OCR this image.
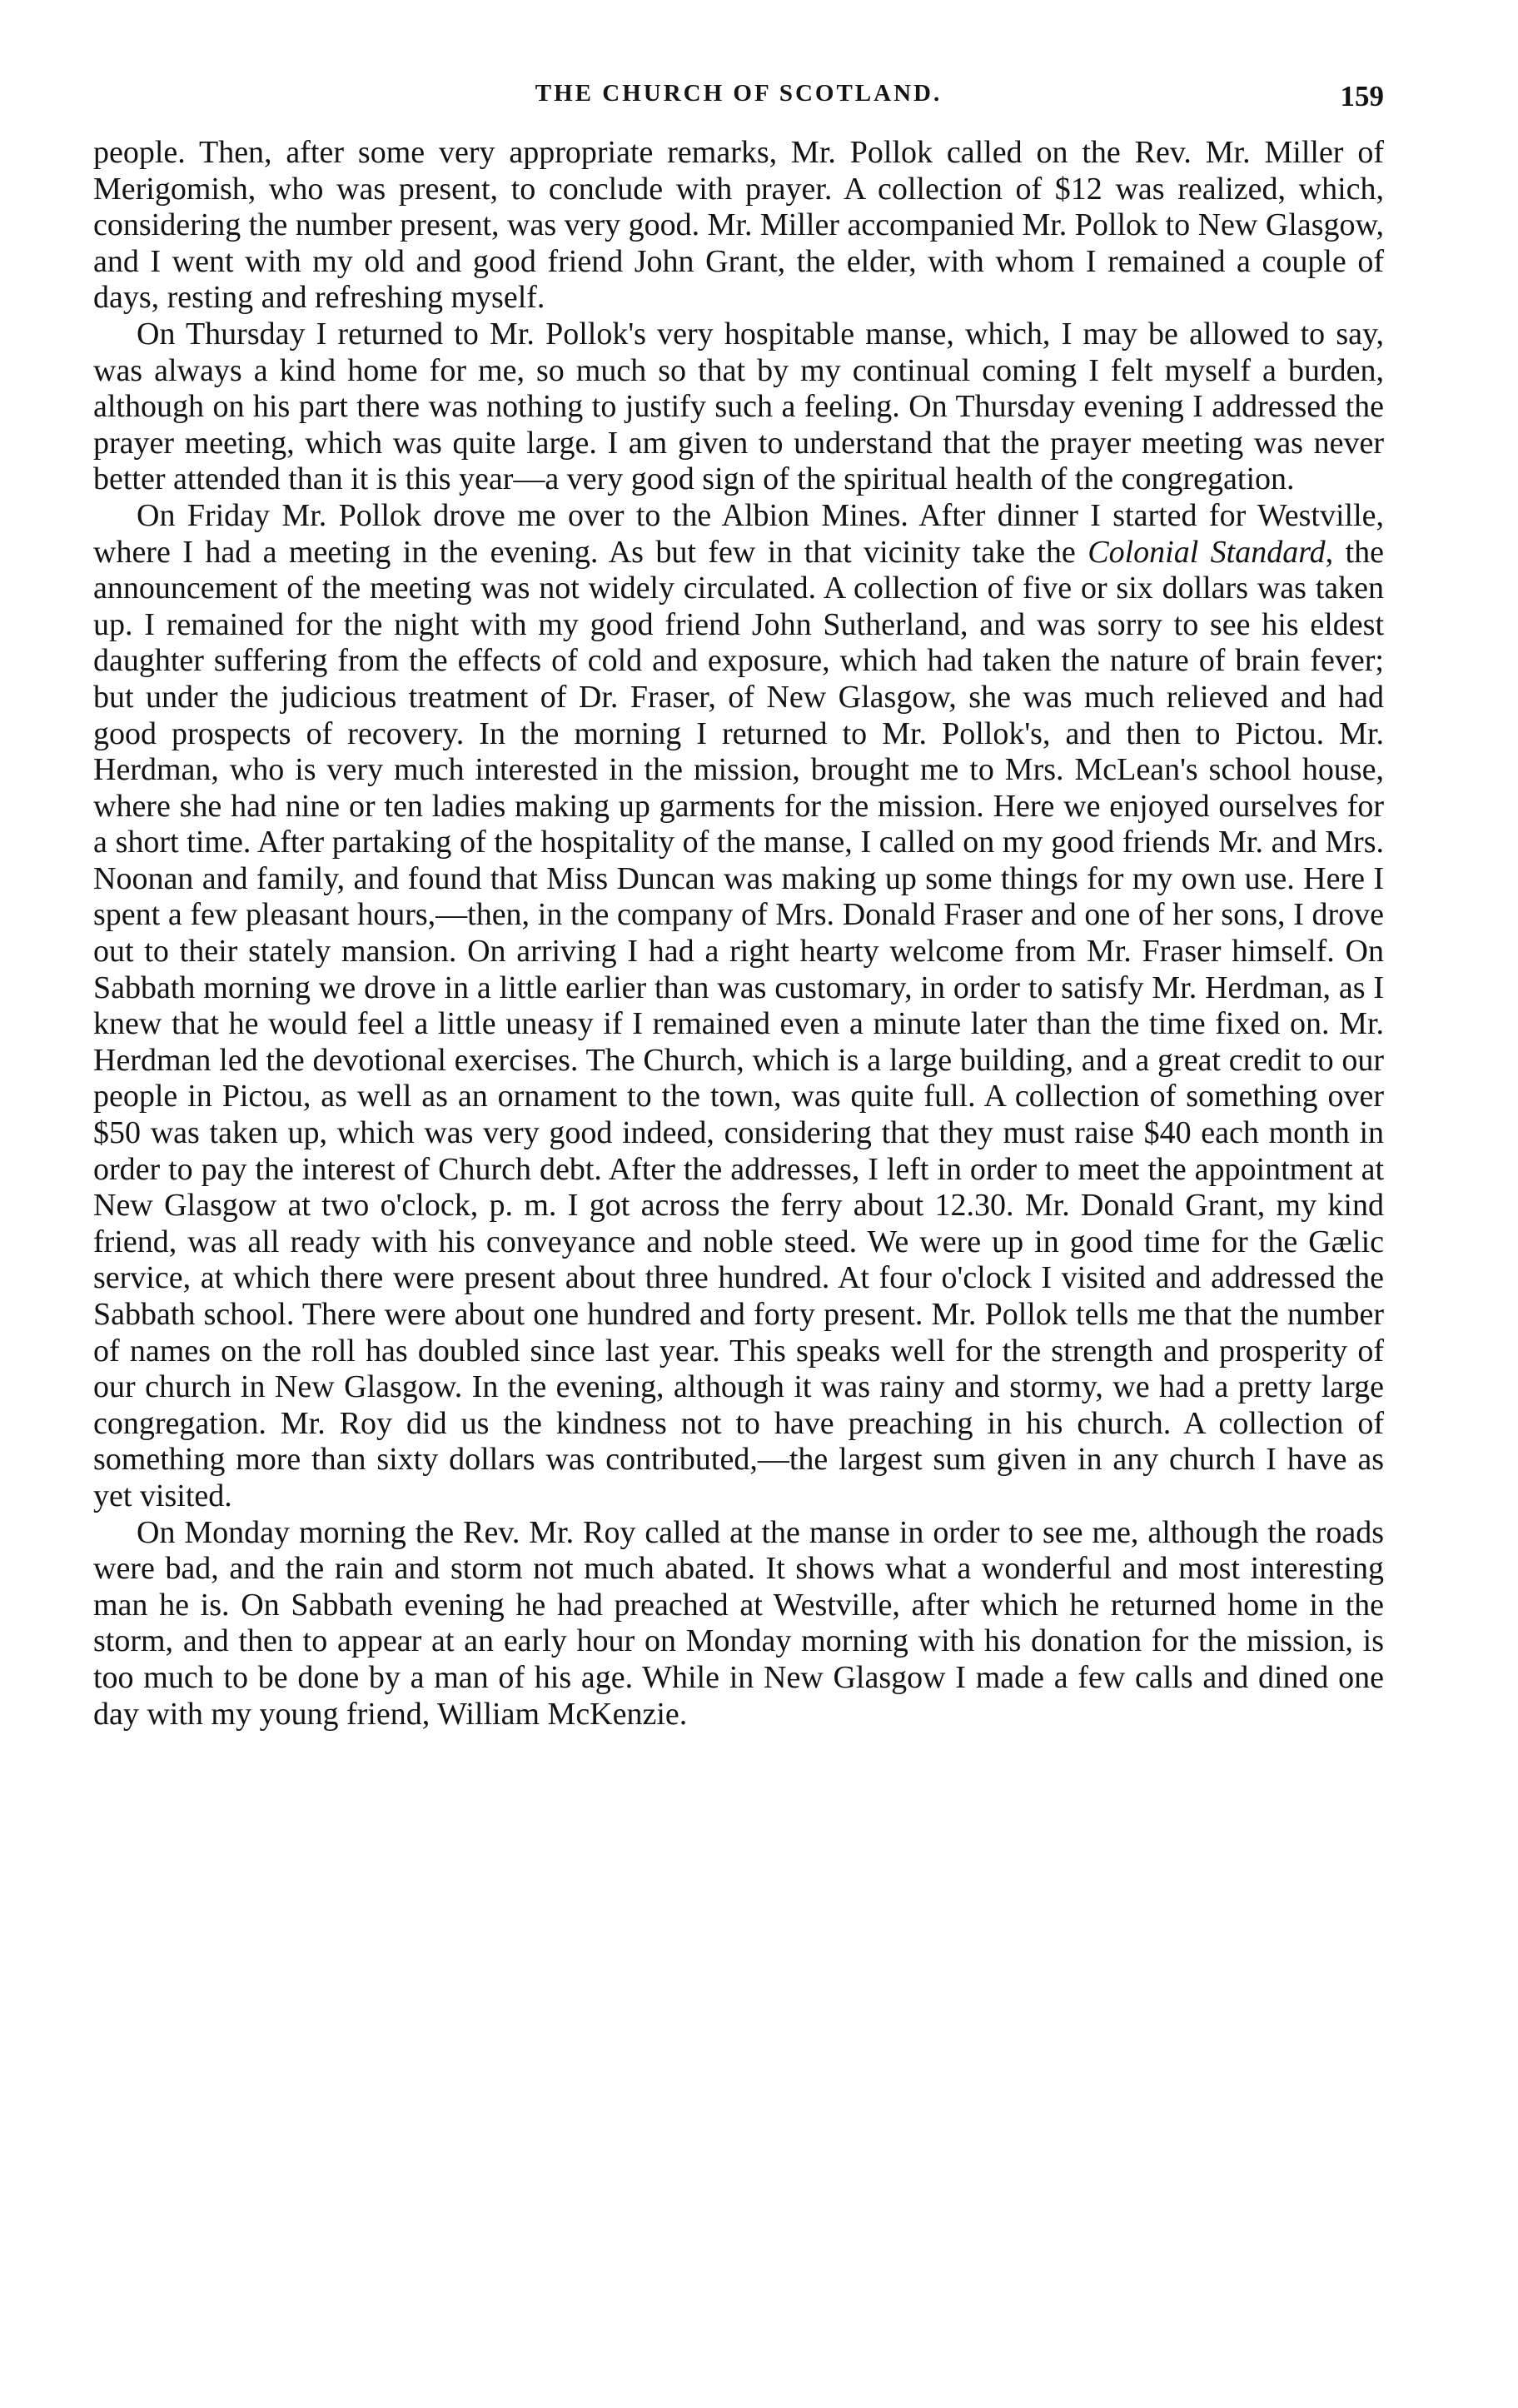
THE CHURCH OF SCOTLAND.	159

people. Then, after some very appropriate remarks, Mr. Pollok called on the Rev. Mr. Miller of Merigomish, who was present, to conclude with prayer. A collection of $12 was realized, which, considering the number present, was very good. Mr. Miller accompanied Mr. Pollok to New Glasgow, and I went with my old and good friend John Grant, the elder, with whom I remained a couple of days, resting and refreshing myself.

On Thursday I returned to Mr. Pollok's very hospitable manse, which, I may be allowed to say, was always a kind home for me, so much so that by my continual coming I felt myself a burden, although on his part there was nothing to justify such a feeling. On Thursday evening I addressed the prayer meeting, which was quite large. I am given to understand that the prayer meeting was never better attended than it is this year—a very good sign of the spiritual health of the congregation.

On Friday Mr. Pollok drove me over to the Albion Mines. After dinner I started for Westville, where I had a meeting in the evening. As but few in that vicinity take the Colonial Standard, the announcement of the meeting was not widely circulated. A collection of five or six dollars was taken up. I remained for the night with my good friend John Sutherland, and was sorry to see his eldest daughter suffering from the effects of cold and exposure, which had taken the nature of brain fever; but under the judicious treatment of Dr. Fraser, of New Glasgow, she was much relieved and had good prospects of recovery. In the morning I returned to Mr. Pollok's, and then to Pictou. Mr. Herdman, who is very much interested in the mission, brought me to Mrs. McLean's school house, where she had nine or ten ladies making up garments for the mission. Here we enjoyed ourselves for a short time. After partaking of the hospitality of the manse, I called on my good friends Mr. and Mrs. Noonan and family, and found that Miss Duncan was making up some things for my own use. Here I spent a few pleasant hours,—then, in the company of Mrs. Donald Fraser and one of her sons, I drove out to their stately mansion. On arriving I had a right hearty welcome from Mr. Fraser himself. On Sabbath morning we drove in a little earlier than was customary, in order to satisfy Mr. Herdman, as I knew that he would feel a little uneasy if I remained even a minute later than the time fixed on. Mr. Herdman led the devotional exercises. The Church, which is a large building, and a great credit to our people in Pictou, as well as an ornament to the town, was quite full. A collection of something over $50 was taken up, which was very good indeed, considering that they must raise $40 each month in order to pay the interest of Church debt. After the addresses, I left in order to meet the appointment at New Glasgow at two o'clock, p. m. I got across the ferry about 12.30. Mr. Donald Grant, my kind friend, was all ready with his conveyance and noble steed. We were up in good time for the Gælic service, at which there were present about three hundred. At four o'clock I visited and addressed the Sabbath school. There were about one hundred and forty present. Mr. Pollok tells me that the number of names on the roll has doubled since last year. This speaks well for the strength and prosperity of our church in New Glasgow. In the evening, although it was rainy and stormy, we had a pretty large congregation. Mr. Roy did us the kindness not to have preaching in his church. A collection of something more than sixty dollars was contributed,—the largest sum given in any church I have as yet visited.

On Monday morning the Rev. Mr. Roy called at the manse in order to see me, although the roads were bad, and the rain and storm not much abated. It shows what a wonderful and most interesting man he is. On Sabbath evening he had preached at Westville, after which he returned home in the storm, and then to appear at an early hour on Monday morning with his donation for the mission, is too much to be done by a man of his age. While in New Glasgow I made a few calls and dined one day with my young friend, William McKenzie.
